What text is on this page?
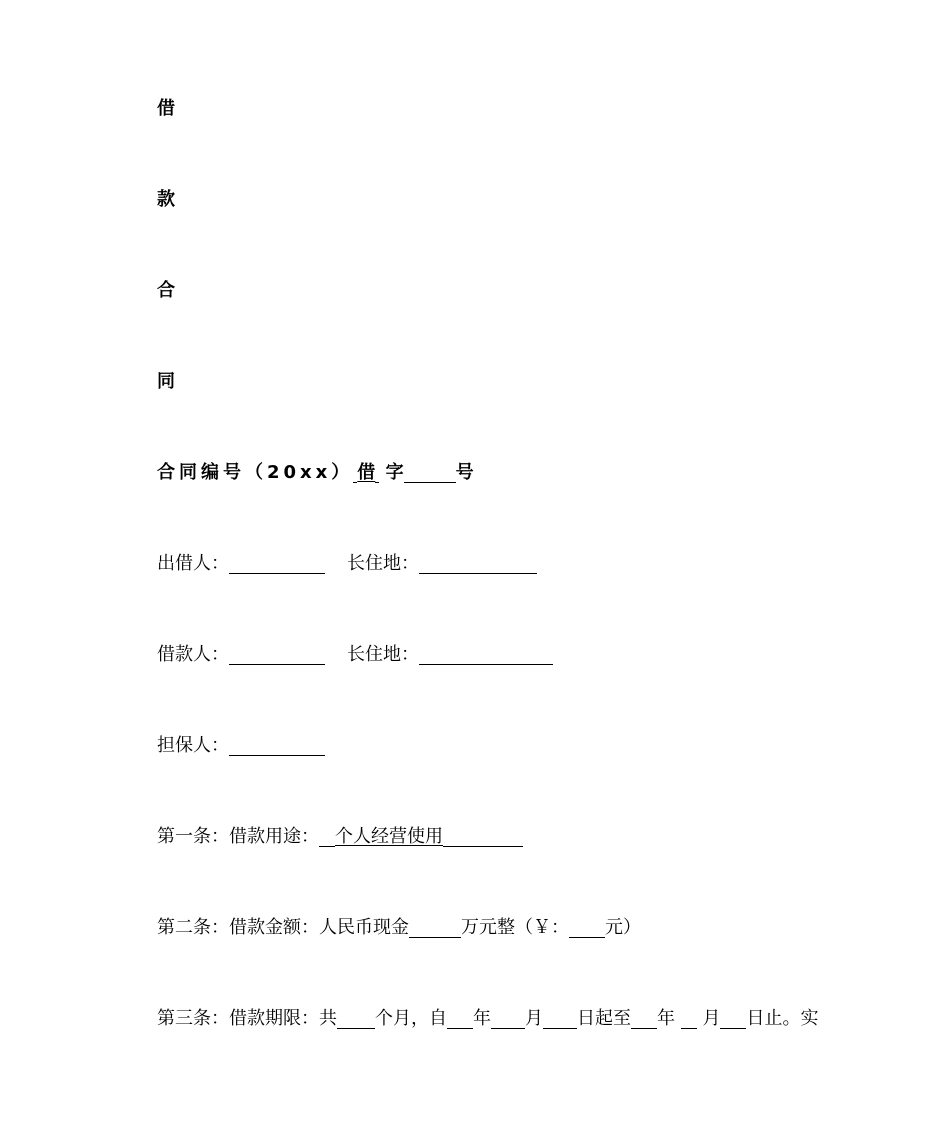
借
款
合
同
合同编号（20xx） 借 字	号
出借人：	长住地：
借款人：	长住地：
担保人：
第一条：借款用途： 个人经营使用
第二条：借款金额：人民币现金	万元整（￥： 元）
第三条：借款期限：共 个月，自 年 月 日起至 年 月 日止。实
